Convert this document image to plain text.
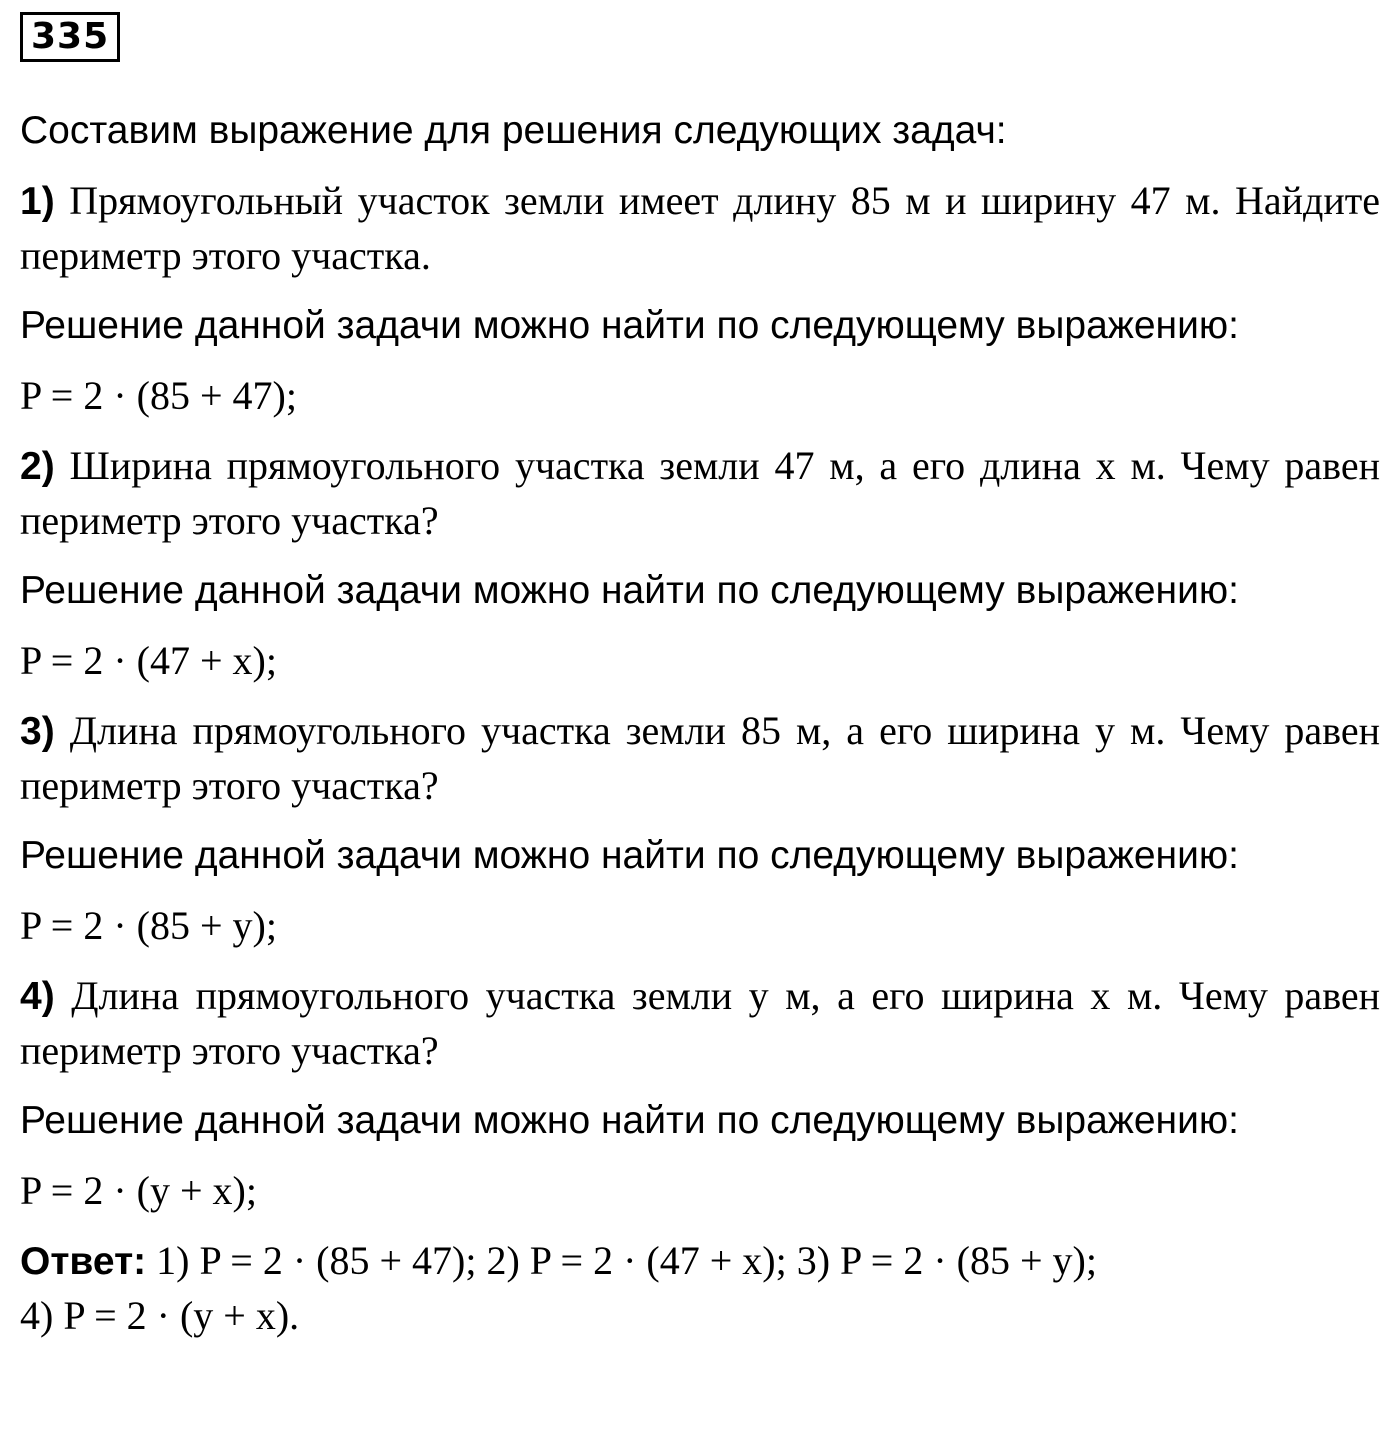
335

Составим выражение для решения следующих задач:

1) Прямоугольный участок земли имеет длину 85 м и ширину 47 м. Найдите периметр этого участка.

Решение данной задачи можно найти по следующему выражению:

P = 2 · (85 + 47);

2) Ширина прямоугольного участка земли 47 м, а его длина x м. Чему равен периметр этого участка?

Решение данной задачи можно найти по следующему выражению:

P = 2 · (47 + x);

3) Длина прямоугольного участка земли 85 м, а его ширина y м. Чему равен периметр этого участка?

Решение данной задачи можно найти по следующему выражению:

P = 2 · (85 + y);

4) Длина прямоугольного участка земли y м, а его ширина x м. Чему равен периметр этого участка?

Решение данной задачи можно найти по следующему выражению:

P = 2 · (y + x);

Ответ: 1) P = 2 · (85 + 47); 2) P = 2 · (47 + x); 3) P = 2 · (85 + y);

4) P = 2 · (y + x).
